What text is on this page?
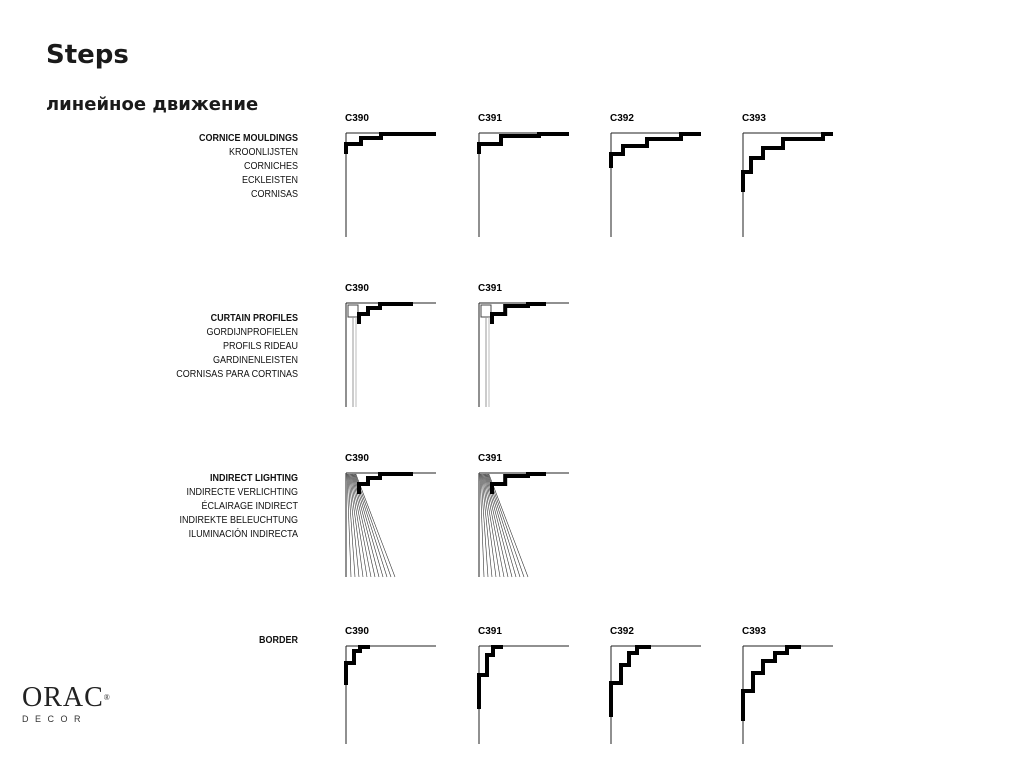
Steps
линейное движение
CORNICE MOULDINGS
KROONLIJSTEN
CORNICHES
ECKLEISTEN
CORNISAS
C390	C391	C392	C393
CURTAIN PROFILES
GORDIJNPROFIELEN
PROFILS RIDEAU
GARDINENLEISTEN
CORNISAS PARA CORTINAS
C390	C391
INDIRECT LIGHTING
INDIRECTE VERLICHTING
ÉCLAIRAGE INDIRECT
INDIREKTE BELEUCHTUNG
ILUMINACIÓN INDIRECTA
C390	C391
BORDER
C390	C391	C392	C393
ORAC®
DECOR
